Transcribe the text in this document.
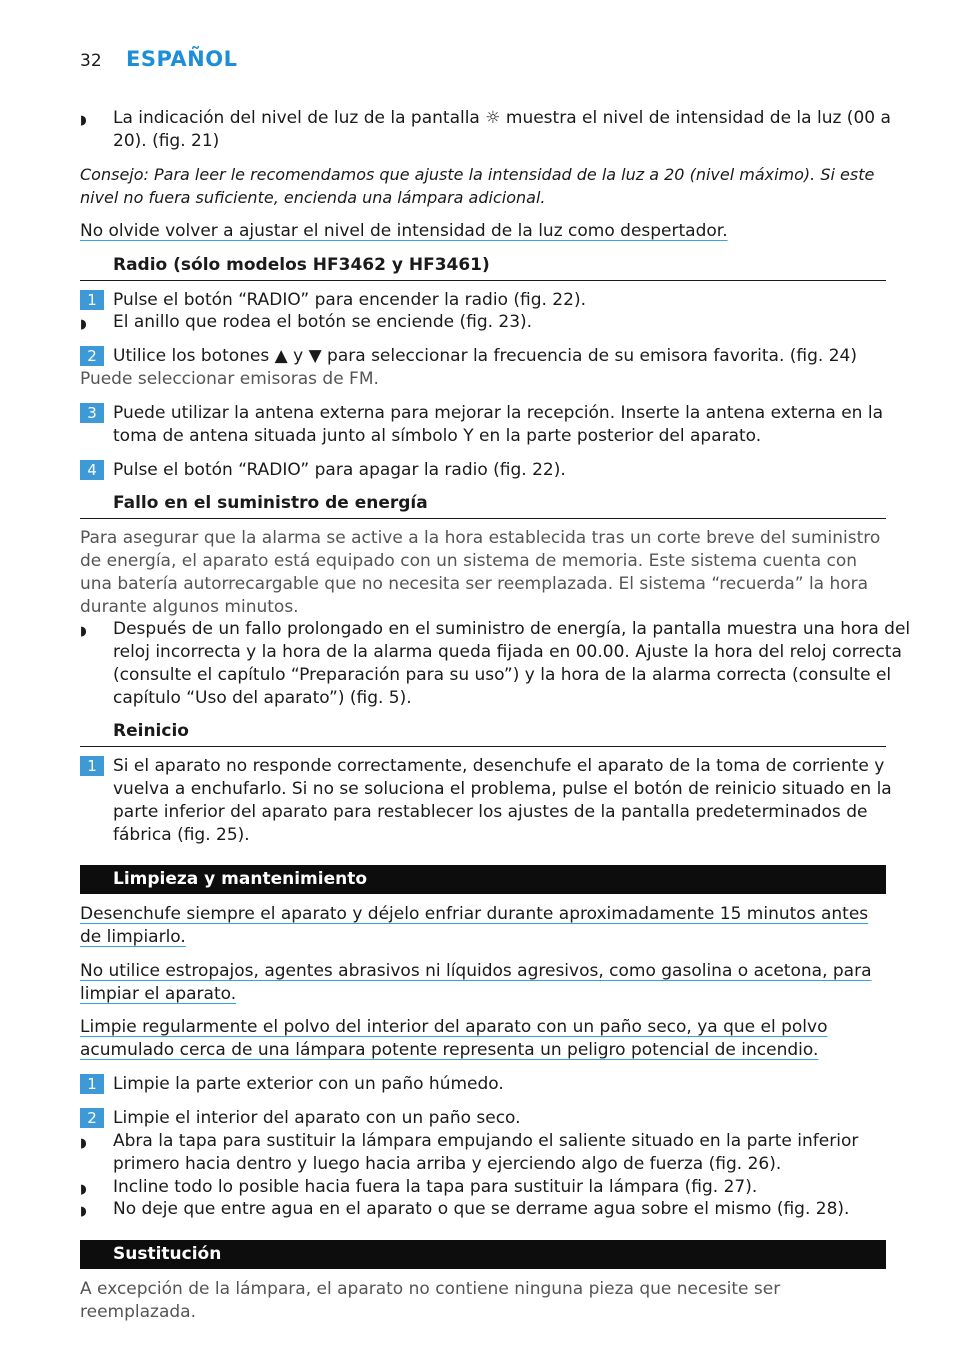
32	ESPAÑOL
◗ La indicación del nivel de luz de la pantalla ☼ muestra el nivel de intensidad de la luz (00 a 20). (fig. 21)
Consejo: Para leer le recomendamos que ajuste la intensidad de la luz a 20 (nivel máximo). Si este nivel no fuera suficiente, encienda una lámpara adicional.
No olvide volver a ajustar el nivel de intensidad de la luz como despertador.
Radio (sólo modelos HF3462 y HF3461)
1 Pulse el botón “RADIO” para encender la radio (fig. 22).
◗ El anillo que rodea el botón se enciende (fig. 23).
2 Utilice los botones ▲ y ▼ para seleccionar la frecuencia de su emisora favorita. (fig. 24)
Puede seleccionar emisoras de FM.
3 Puede utilizar la antena externa para mejorar la recepción. Inserte la antena externa en la toma de antena situada junto al símbolo Y en la parte posterior del aparato.
4 Pulse el botón “RADIO” para apagar la radio (fig. 22).
Fallo en el suministro de energía
Para asegurar que la alarma se active a la hora establecida tras un corte breve del suministro de energía, el aparato está equipado con un sistema de memoria. Este sistema cuenta con una batería autorrecargable que no necesita ser reemplazada. El sistema “recuerda” la hora durante algunos minutos.
◗ Después de un fallo prolongado en el suministro de energía, la pantalla muestra una hora del reloj incorrecta y la hora de la alarma queda fijada en 00.00. Ajuste la hora del reloj correcta (consulte el capítulo “Preparación para su uso”) y la hora de la alarma correcta (consulte el capítulo “Uso del aparato”) (fig. 5).
Reinicio
1 Si el aparato no responde correctamente, desenchufe el aparato de la toma de corriente y vuelva a enchufarlo. Si no se soluciona el problema, pulse el botón de reinicio situado en la parte inferior del aparato para restablecer los ajustes de la pantalla predeterminados de fábrica (fig. 25).
Limpieza y mantenimiento
Desenchufe siempre el aparato y déjelo enfriar durante aproximadamente 15 minutos antes de limpiarlo.
No utilice estropajos, agentes abrasivos ni líquidos agresivos, como gasolina o acetona, para limpiar el aparato.
Limpie regularmente el polvo del interior del aparato con un paño seco, ya que el polvo acumulado cerca de una lámpara potente representa un peligro potencial de incendio.
1 Limpie la parte exterior con un paño húmedo.
2 Limpie el interior del aparato con un paño seco.
◗ Abra la tapa para sustituir la lámpara empujando el saliente situado en la parte inferior primero hacia dentro y luego hacia arriba y ejerciendo algo de fuerza (fig. 26).
◗ Incline todo lo posible hacia fuera la tapa para sustituir la lámpara (fig. 27).
◗ No deje que entre agua en el aparato o que se derrame agua sobre el mismo (fig. 28).
Sustitución
A excepción de la lámpara, el aparato no contiene ninguna pieza que necesite ser reemplazada.
